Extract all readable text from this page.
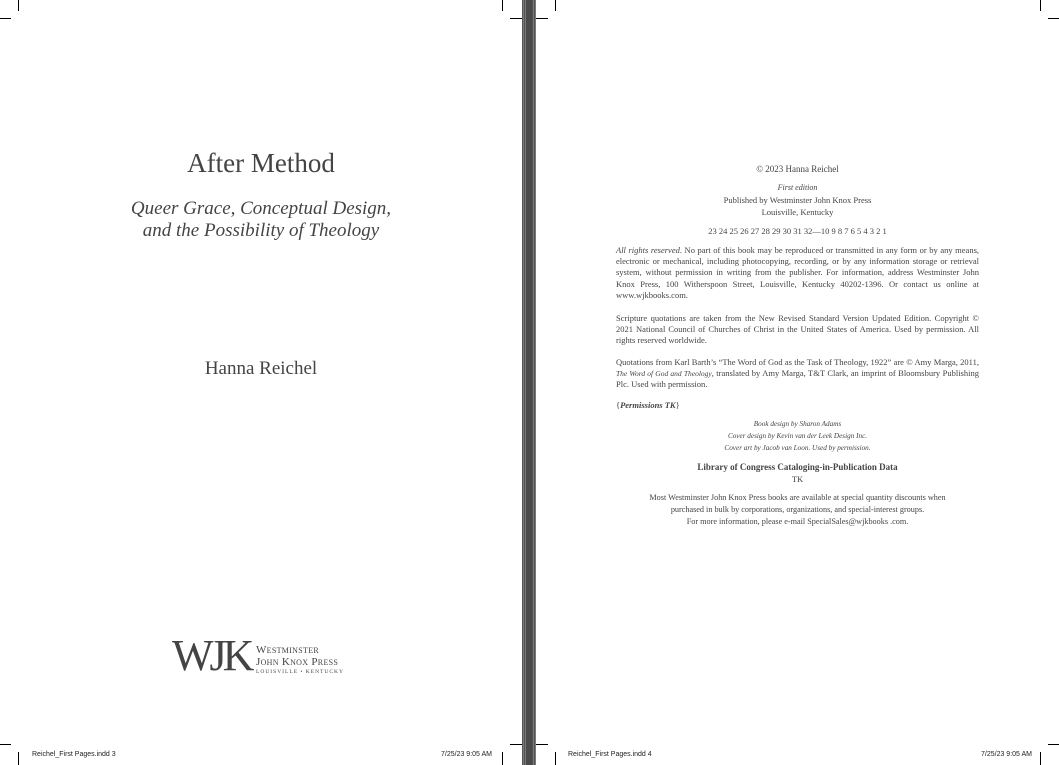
After Method
Queer Grace, Conceptual Design,
and the Possibility of Theology
Hanna Reichel
WJK Westminster
John Knox Press
LOUISVILLE • KENTUCKY
Reichel_First Pages.indd 3	7/25/23 9:05 AM
© 2023 Hanna Reichel
First edition
Published by Westminster John Knox Press
Louisville, Kentucky
23 24 25 26 27 28 29 30 31 32—10 9 8 7 6 5 4 3 2 1
All rights reserved. No part of this book may be reproduced or transmitted in any form or by any means, electronic or mechanical, including photocopying, recording, or by any information storage or retrieval system, without permission in writing from the publisher. For information, address Westminster John Knox Press, 100 Witherspoon Street, Louisville, Kentucky 40202-1396. Or contact us online at www.wjkbooks.com.
Scripture quotations are taken from the New Revised Standard Version Updated Edition. Copyright © 2021 National Council of Churches of Christ in the United States of America. Used by permission. All rights reserved worldwide.
Quotations from Karl Barth’s “The Word of God as the Task of Theology, 1922” are © Amy Marga, 2011, The Word of God and Theology, translated by Amy Marga, T&T Clark, an imprint of Bloomsbury Publishing Plc. Used with permission.
{Permissions TK}
Book design by Sharon Adams
Cover design by Kevin van der Leek Design Inc.
Cover art by Jacob van Loon. Used by permission.
Library of Congress Cataloging-in-Publication Data
TK
Most Westminster John Knox Press books are available at special quantity discounts when
purchased in bulk by corporations, organizations, and special-interest groups.
For more information, please e-mail SpecialSales@wjkbooks .com.
Reichel_First Pages.indd 4	7/25/23 9:05 AM
